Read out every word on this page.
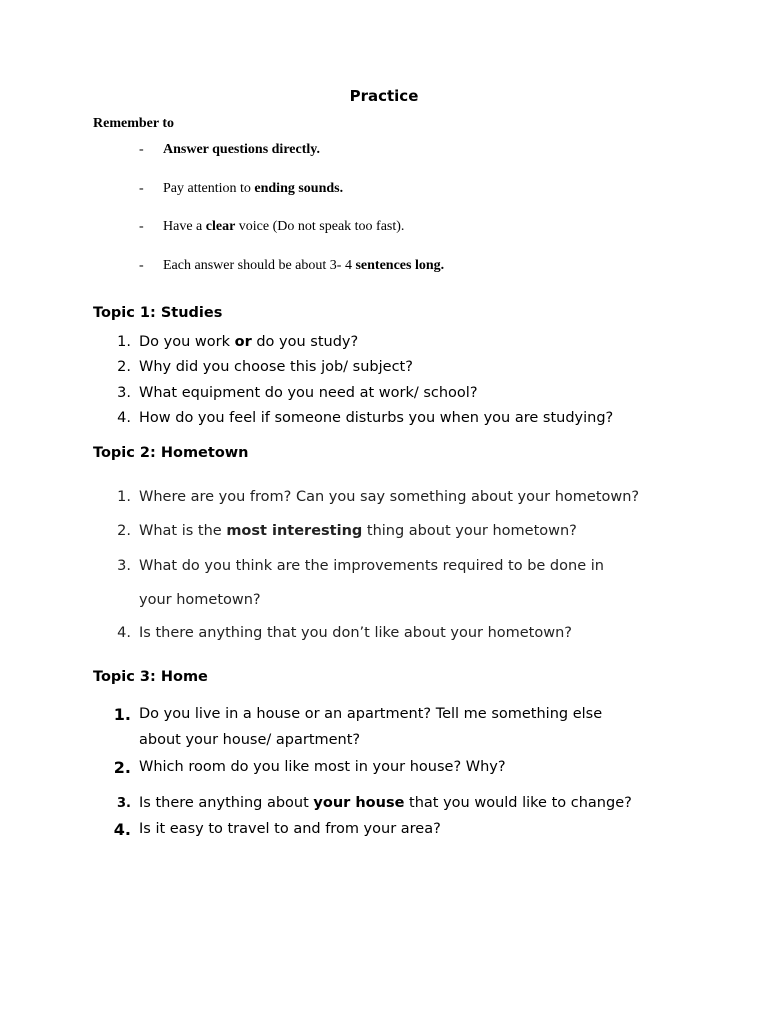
Practice
Remember to
- Answer questions directly.
- Pay attention to ending sounds.
- Have a clear voice (Do not speak too fast).
- Each answer should be about 3- 4 sentences long.
Topic 1: Studies
1. Do you work or do you study?
2. Why did you choose this job/ subject?
3. What equipment do you need at work/ school?
4. How do you feel if someone disturbs you when you are studying?
Topic 2: Hometown
1. Where are you from? Can you say something about your hometown?
2. What is the most interesting thing about your hometown?
3. What do you think are the improvements required to be done in
your hometown?
4. Is there anything that you don’t like about your hometown?
Topic 3: Home
1. Do you live in a house or an apartment? Tell me something else
about your house/ apartment?
2. Which room do you like most in your house? Why?
3. Is there anything about your house that you would like to change?
4. Is it easy to travel to and from your area?
